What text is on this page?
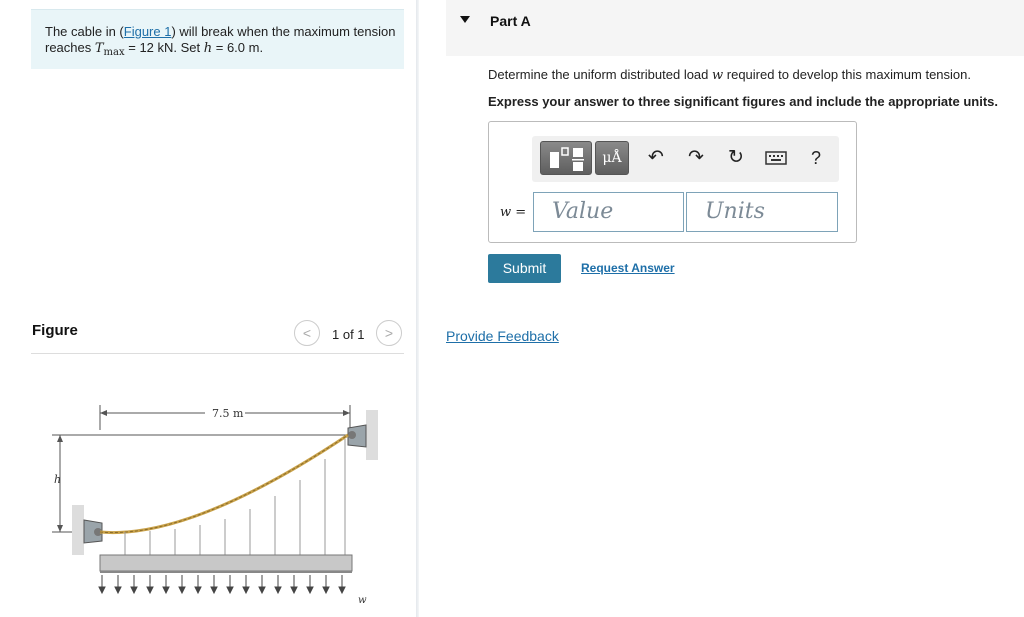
The cable in (Figure 1) will break when the maximum tension reaches $T_{max} = 12$ kN. Set h = 6.0 m.
Figure	<	1 of 1	>
7.5 m
h
w
Part A
Determine the uniform distributed load w required to develop this maximum tension.
Express your answer to three significant figures and include the appropriate units.
μÅ	↶	↷	↻	?
w =	Value	Units
Submit	Request Answer
Provide Feedback
